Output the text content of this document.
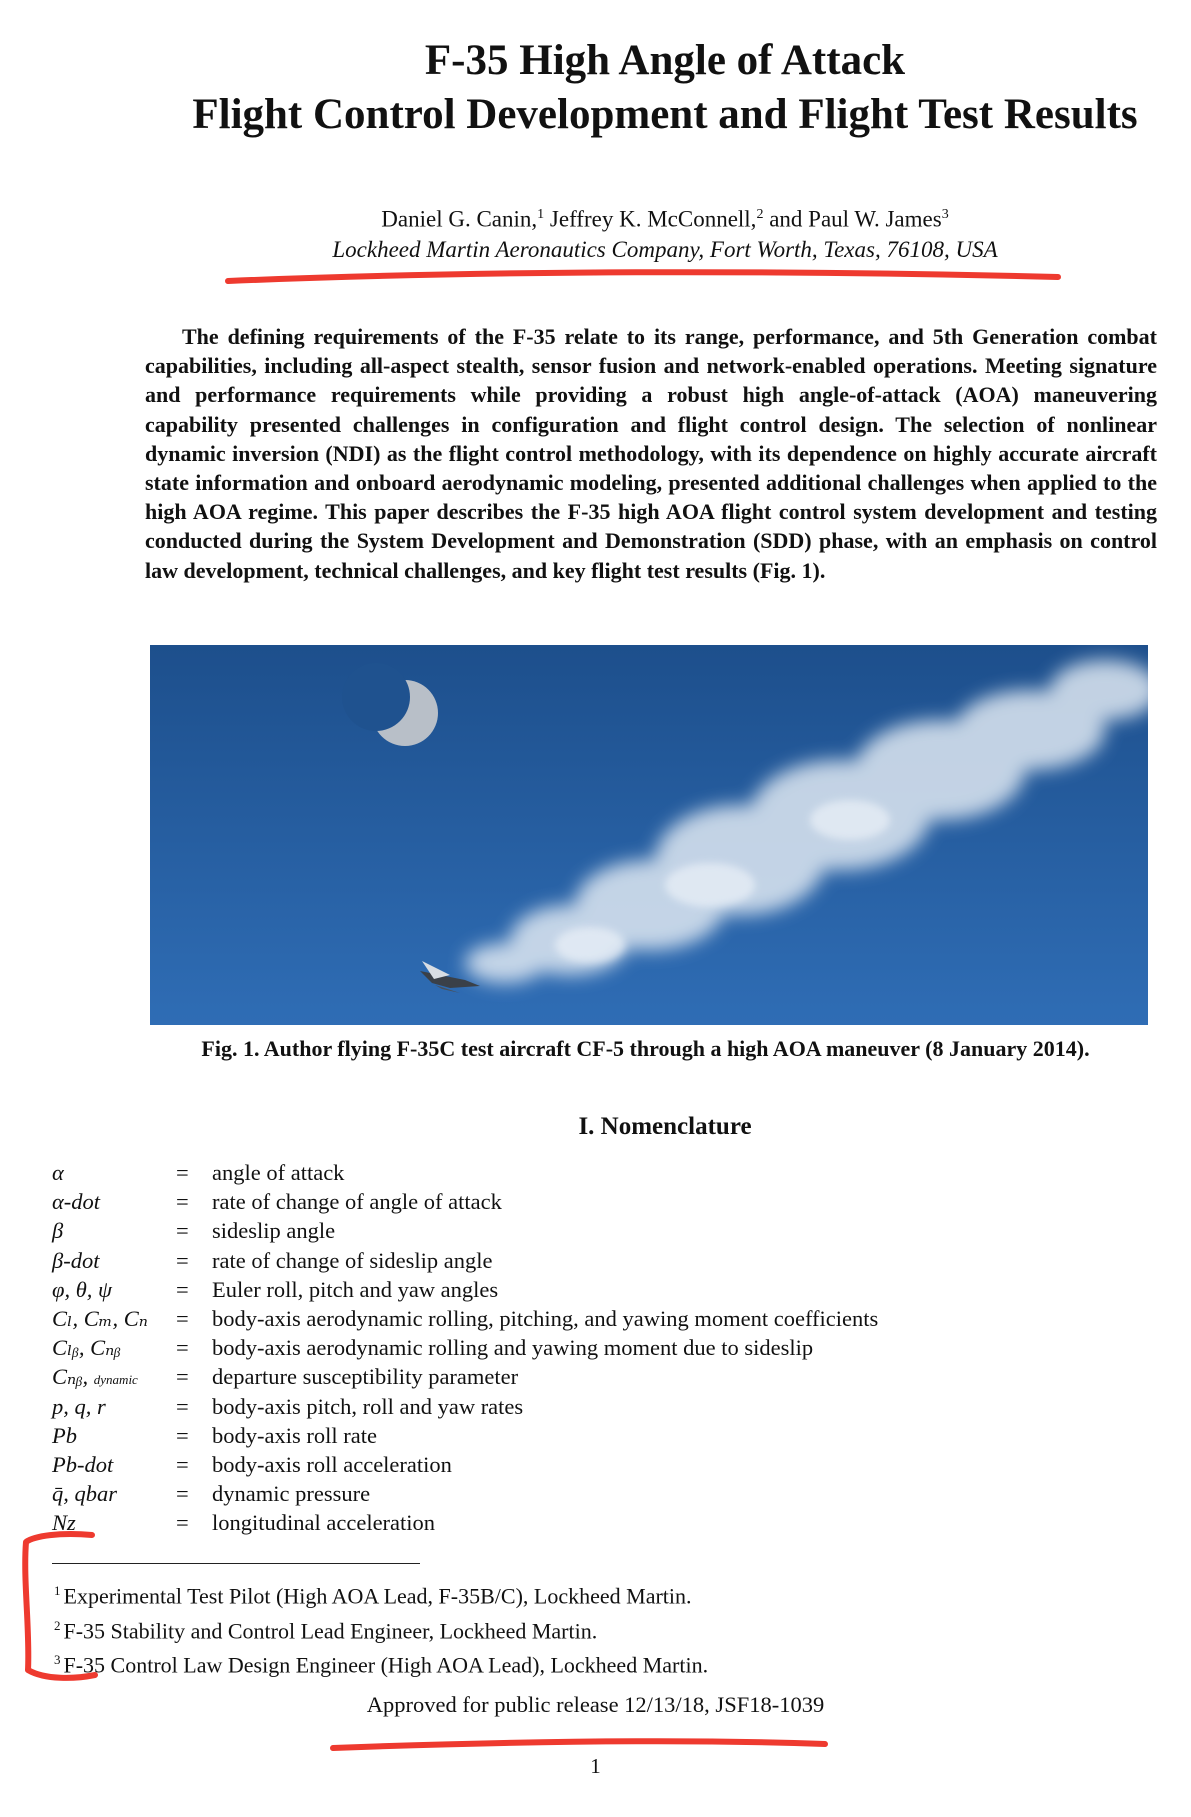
F-35 High Angle of Attack
Flight Control Development and Flight Test Results
Daniel G. Canin,$^1$ Jeffrey K. McConnell,$^2$ and Paul W. James$^3$
Lockheed Martin Aeronautics Company, Fort Worth, Texas, 76108, USA

The defining requirements of the F-35 relate to its range, performance, and 5th Generation combat capabilities, including all-aspect stealth, sensor fusion and network-enabled operations. Meeting signature and performance requirements while providing a robust high angle-of-attack (AOA) maneuvering capability presented challenges in configuration and flight control design. The selection of nonlinear dynamic inversion (NDI) as the flight control methodology, with its dependence on highly accurate aircraft state information and onboard aerodynamic modeling, presented additional challenges when applied to the high AOA regime. This paper describes the F-35 high AOA flight control system development and testing conducted during the System Development and Demonstration (SDD) phase, with an emphasis on control law development, technical challenges, and key flight test results (Fig. 1).

Fig. 1. Author flying F-35C test aircraft CF-5 through a high AOA maneuver (8 January 2014).
I. Nomenclature
α	= angle of attack
α-dot	= rate of change of angle of attack
β	= sideslip angle
β-dot	= rate of change of sideslip angle
φ, θ, ψ	= Euler roll, pitch and yaw angles
Cₗ, Cₘ, Cₙ = body-axis aerodynamic rolling, pitching, and yawing moment coefficients
Cₗᵦ, Cₙᵦ = body-axis aerodynamic rolling and yawing moment due to sideslip
Cₙᵦ, dynamic = departure susceptibility parameter
p, q, r	= body-axis pitch, roll and yaw rates
Pb	= body-axis roll rate
Pb-dot	= body-axis roll acceleration
q̄, qbar	= dynamic pressure
Nz	= longitudinal acceleration
$^1$ Experimental Test Pilot (High AOA Lead, F-35B/C), Lockheed Martin.
$^2$ F-35 Stability and Control Lead Engineer, Lockheed Martin.
$^3$ F-35 Control Law Design Engineer (High AOA Lead), Lockheed Martin.
Approved for public release 12/13/18, JSF18-1039
1
